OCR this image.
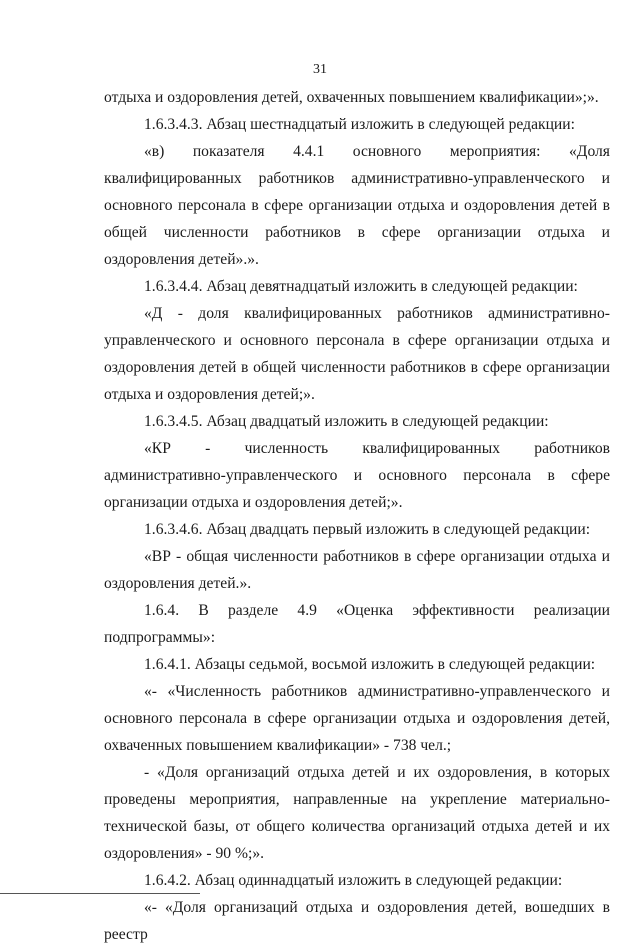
31

отдыха и оздоровления детей, охваченных повышением квалификации»;».

1.6.3.4.3. Абзац шестнадцатый изложить в следующей редакции:

«в) показателя 4.4.1 основного мероприятия: «Доля квалифицированных работников административно-управленческого и основного персонала в сфере организации отдыха и оздоровления детей в общей численности работников в сфере организации отдыха и оздоровления детей».».

1.6.3.4.4. Абзац девятнадцатый изложить в следующей редакции:

«Д - доля квалифицированных работников административно-управленческого и основного персонала в сфере организации отдыха и оздоровления детей в общей численности работников в сфере организации отдыха и оздоровления детей;».

1.6.3.4.5. Абзац двадцатый изложить в следующей редакции:

«КР - численность квалифицированных работников административно-управленческого и основного персонала в сфере организации отдыха и оздоровления детей;».

1.6.3.4.6. Абзац двадцать первый изложить в следующей редакции:

«ВР - общая численности работников в сфере организации отдыха и оздоровления детей.».

1.6.4. В разделе 4.9 «Оценка эффективности реализации подпрограммы»:

1.6.4.1. Абзацы седьмой, восьмой изложить в следующей редакции:

«- «Численность работников административно-управленческого и основного персонала в сфере организации отдыха и оздоровления детей, охваченных повышением квалификации» - 738 чел.;

- «Доля организаций отдыха детей и их оздоровления, в которых проведены мероприятия, направленные на укрепление материально-технической базы, от общего количества организаций отдыха детей и их оздоровления» - 90 %;».

1.6.4.2. Абзац одиннадцатый изложить в следующей редакции:

«- «Доля организаций отдыха и оздоровления детей, вошедших в реестр
